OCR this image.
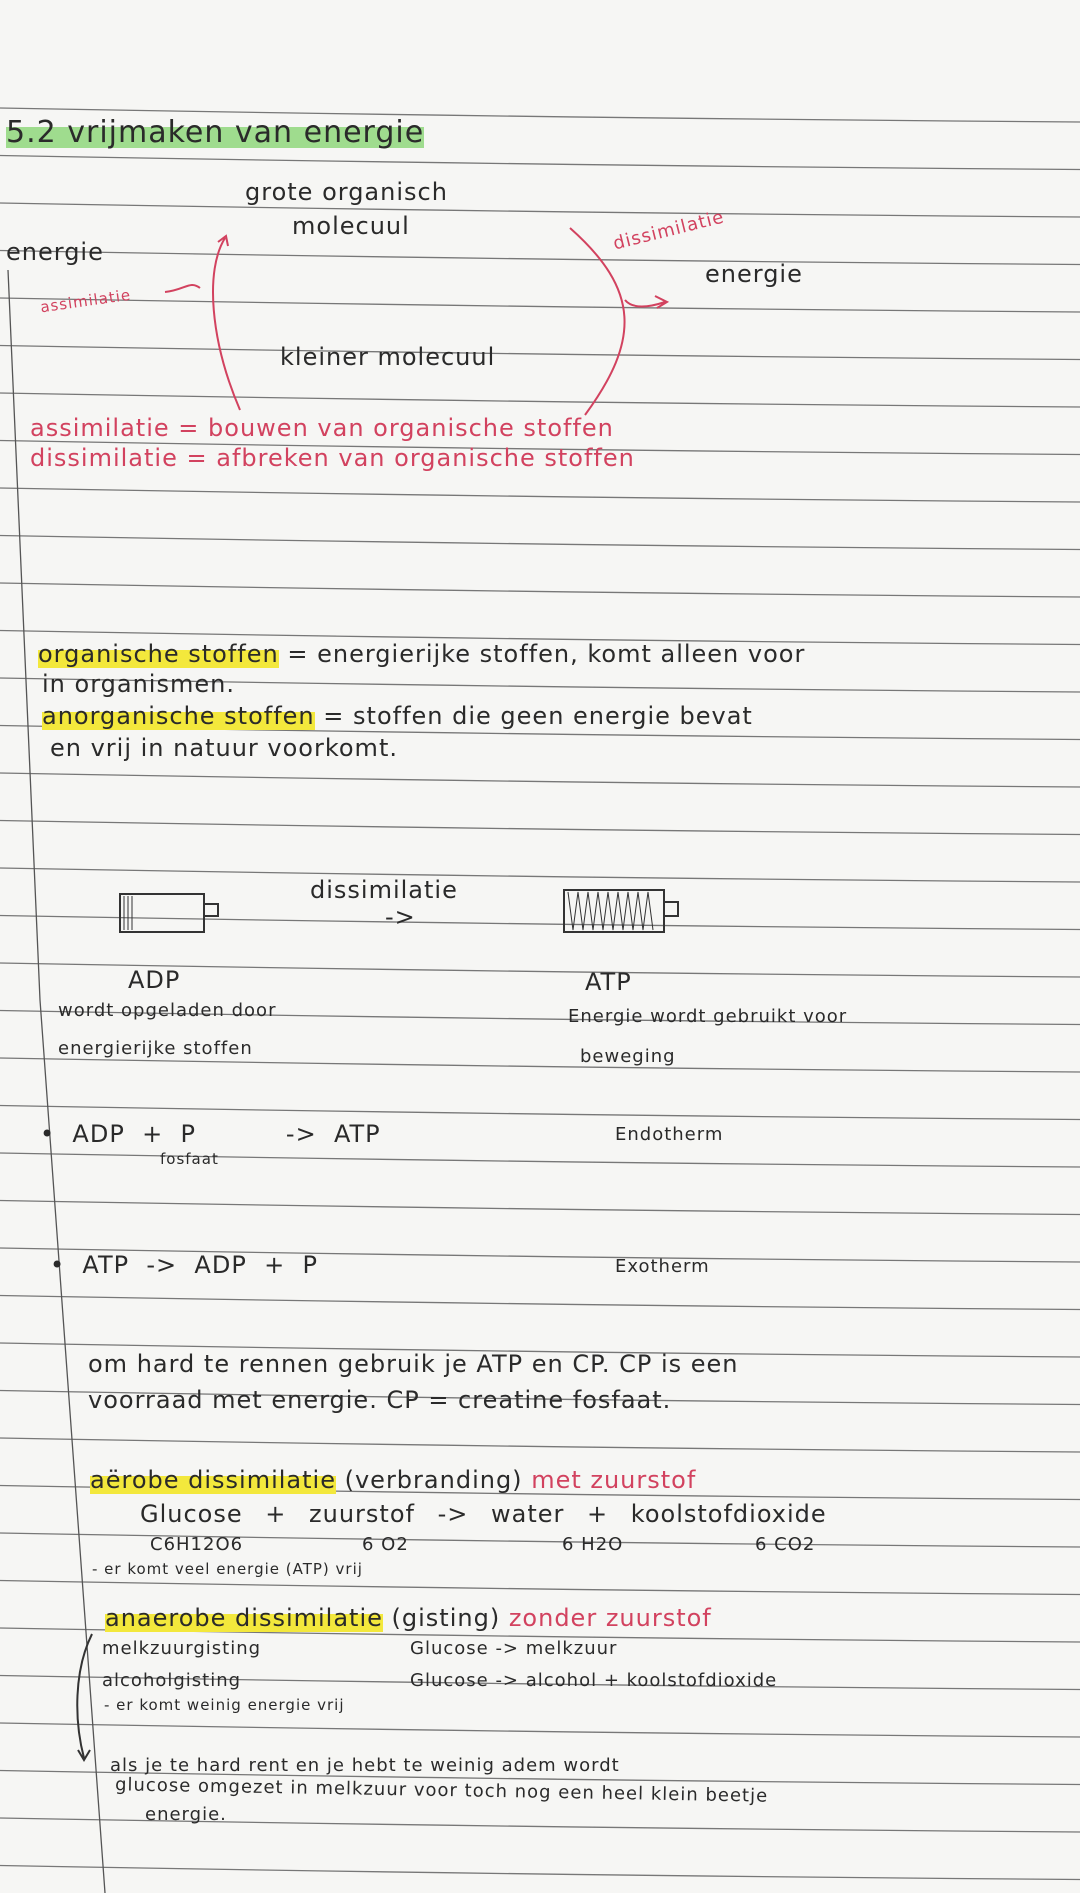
5.2 vrijmaken van energie
grote organisch
molecuul
energie	dissimilatie
energie
assimilatie
kleiner molecuul
assimilatie = bouwen van organische stoffen
dissimilatie = afbreken van organische stoffen
organische stoffen = energierijke stoffen, komt alleen voor
in organismen.
anorganische stoffen = stoffen die geen energie bevat
en vrij in natuur voorkomt.
dissimilatie
->
ADP	ATP
wordt opgeladen door
energierijke stoffen
Energie wordt gebruikt voor
beweging
•  ADP + P	-> ATP	Endotherm
fosfaat
•  ATP -> ADP + P	Exotherm
om hard te rennen gebruik je ATP en CP. CP is een
voorraad met energie. CP = creatine fosfaat.
aërobe dissimilatie (verbranding) met zuurstof
Glucose + zuurstof -> water + koolstofdioxide
C6H12O6	6 O2	6 H2O	6 CO2
- er komt veel energie (ATP) vrij
anaerobe dissimilatie (gisting) zonder zuurstof
melkzuurgisting	Glucose -> melkzuur
alcoholgisting	Glucose -> alcohol + koolstofdioxide
- er komt weinig energie vrij
als je te hard rent en je hebt te weinig adem wordt
glucose omgezet in melkzuur voor toch nog een heel klein beetje
energie.
